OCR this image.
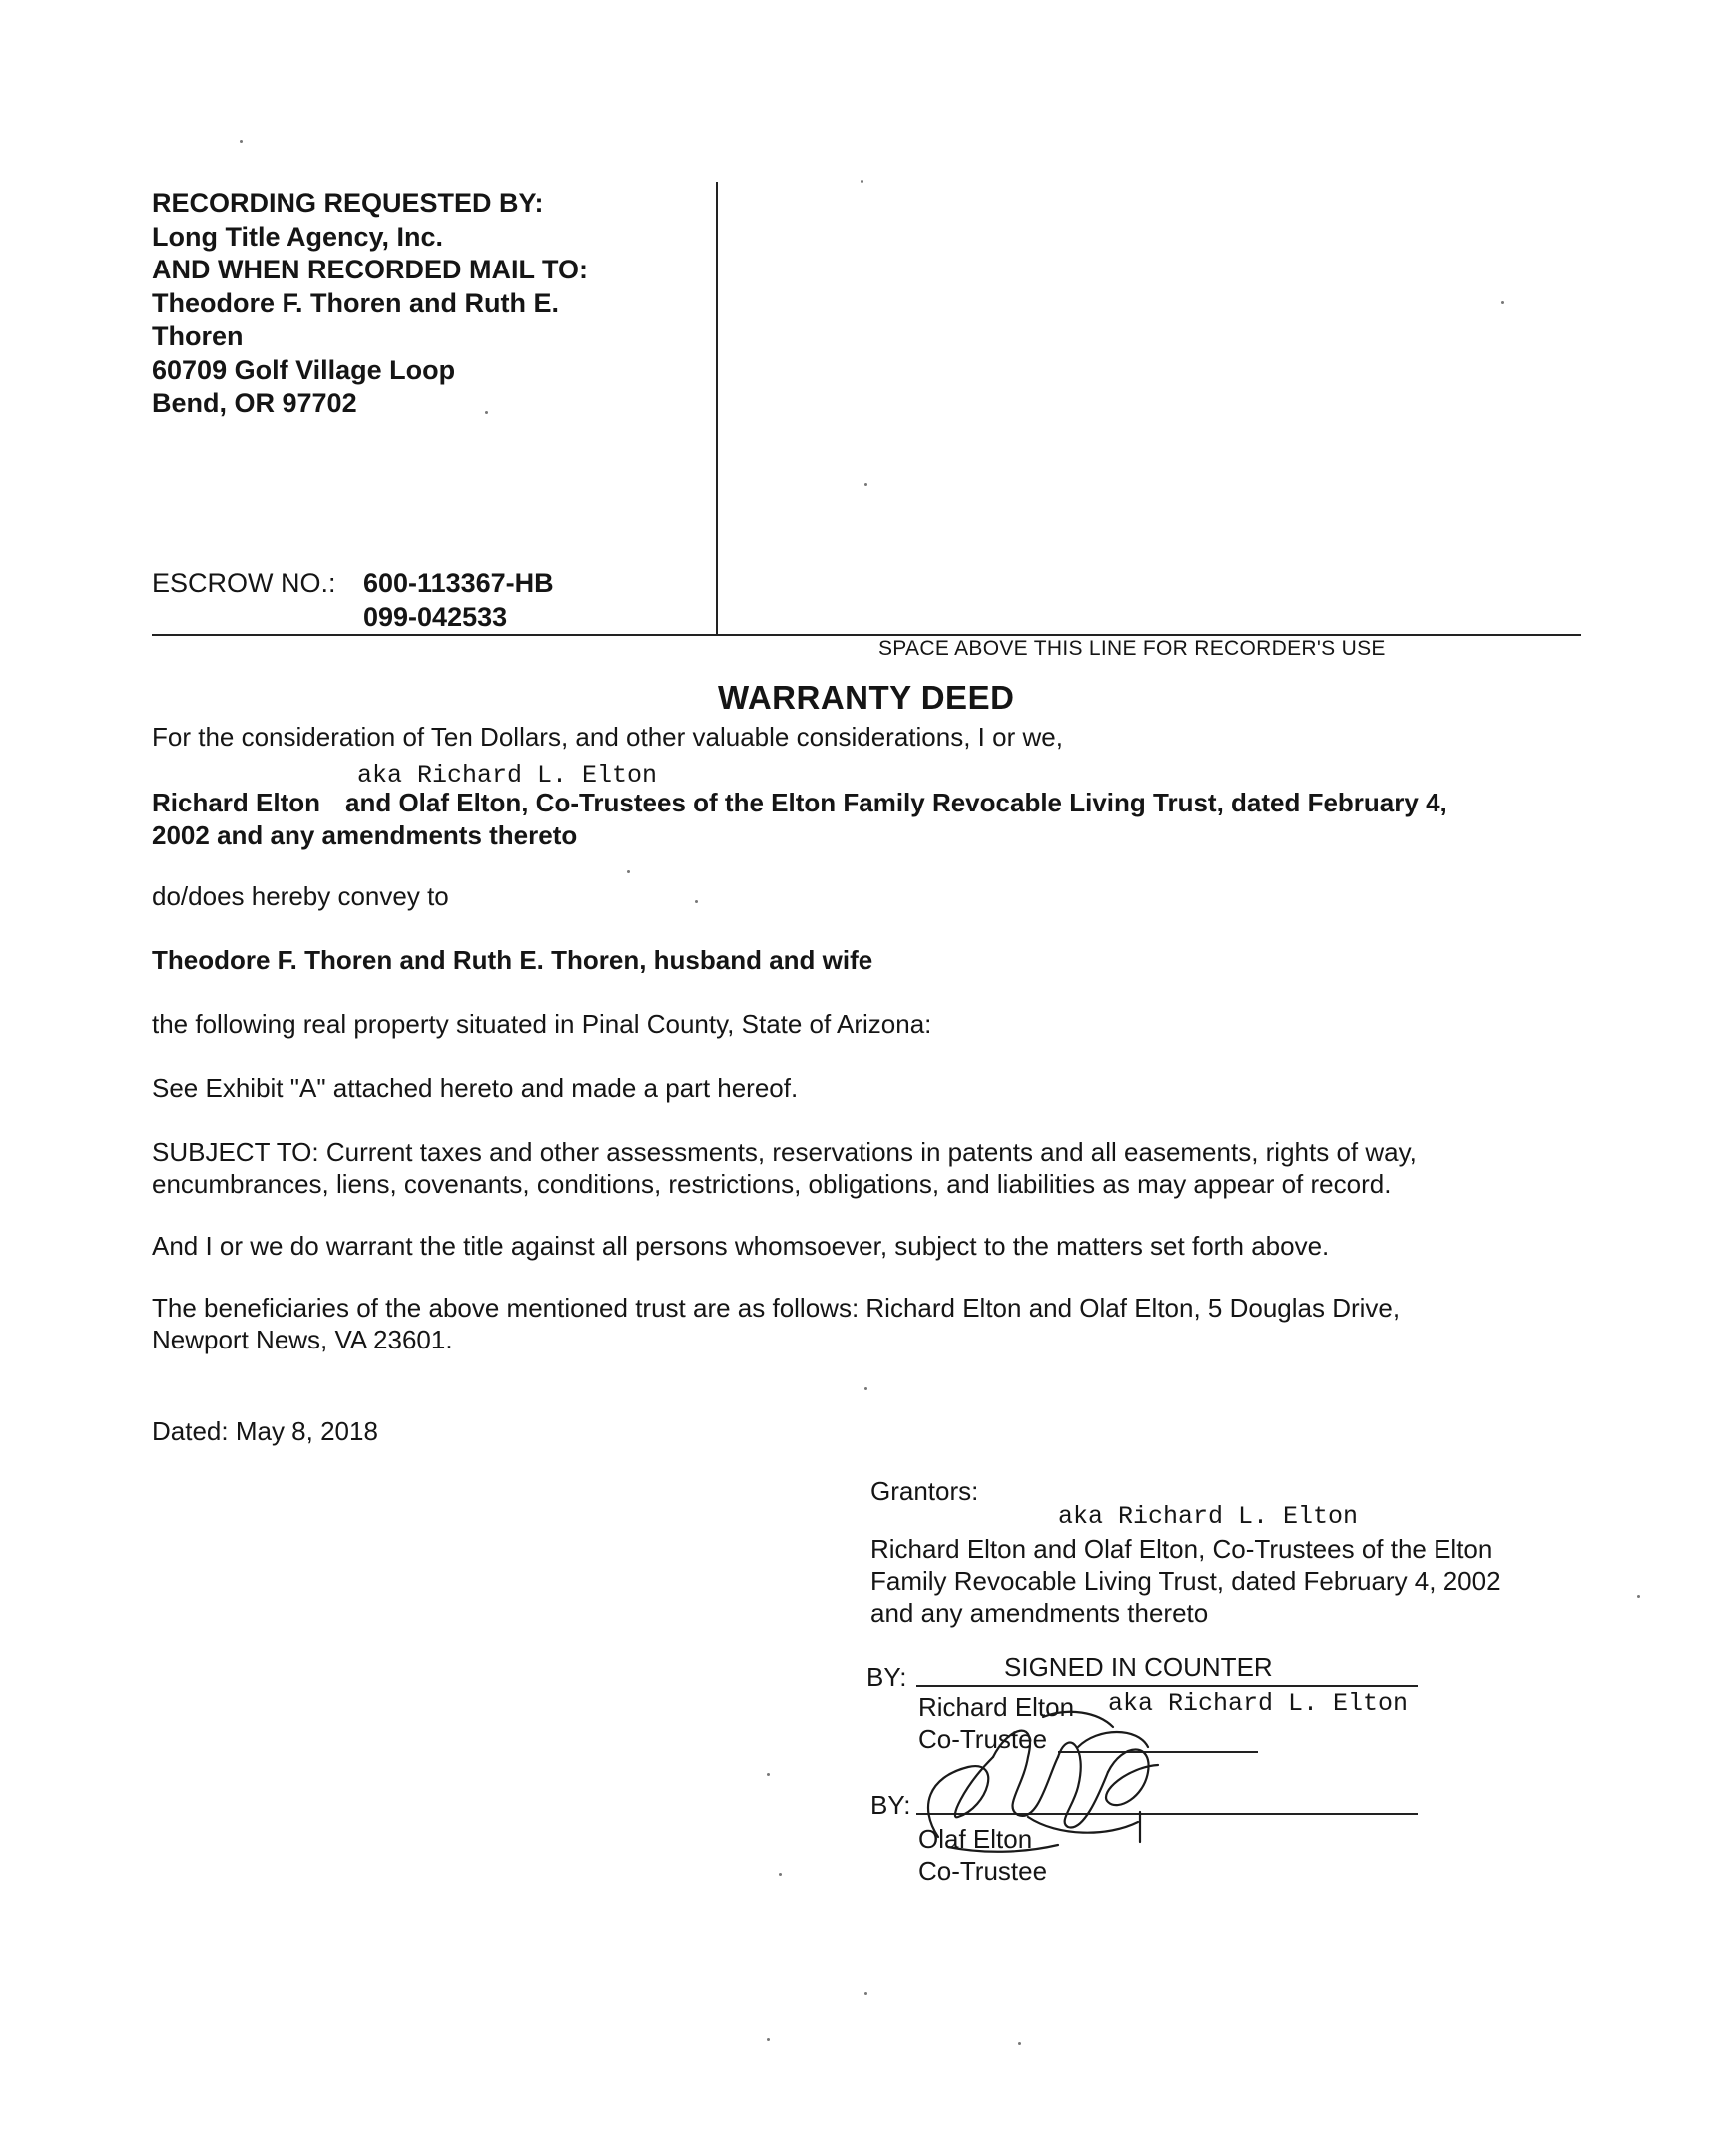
RECORDING REQUESTED BY:
Long Title Agency, Inc.
AND WHEN RECORDED MAIL TO:
Theodore F. Thoren and Ruth E.
Thoren
60709 Golf Village Loop
Bend, OR 97702
ESCROW NO.: 600-113367-HB
099-042533
SPACE ABOVE THIS LINE FOR RECORDER'S USE
WARRANTY DEED
For the consideration of Ten Dollars, and other valuable considerations, I or we,
aka Richard L. Elton
Richard Elton and Olaf Elton, Co-Trustees of the Elton Family Revocable Living Trust, dated February 4,
2002 and any amendments thereto
do/does hereby convey to
Theodore F. Thoren and Ruth E. Thoren, husband and wife
the following real property situated in Pinal County, State of Arizona:
See Exhibit "A" attached hereto and made a part hereof.
SUBJECT TO: Current taxes and other assessments, reservations in patents and all easements, rights of way,
encumbrances, liens, covenants, conditions, restrictions, obligations, and liabilities as may appear of record.
And I or we do warrant the title against all persons whomsoever, subject to the matters set forth above.
The beneficiaries of the above mentioned trust are as follows: Richard Elton and Olaf Elton, 5 Douglas Drive,
Newport News, VA 23601.
Dated: May 8, 2018
Grantors:
aka Richard L. Elton
Richard Elton and Olaf Elton, Co-Trustees of the Elton
Family Revocable Living Trust, dated February 4, 2002
and any amendments thereto
BY:	SIGNED IN COUNTER
Richard Elton aka Richard L. Elton
Co-Trustee
BY:
Olaf Elton
Co-Trustee
